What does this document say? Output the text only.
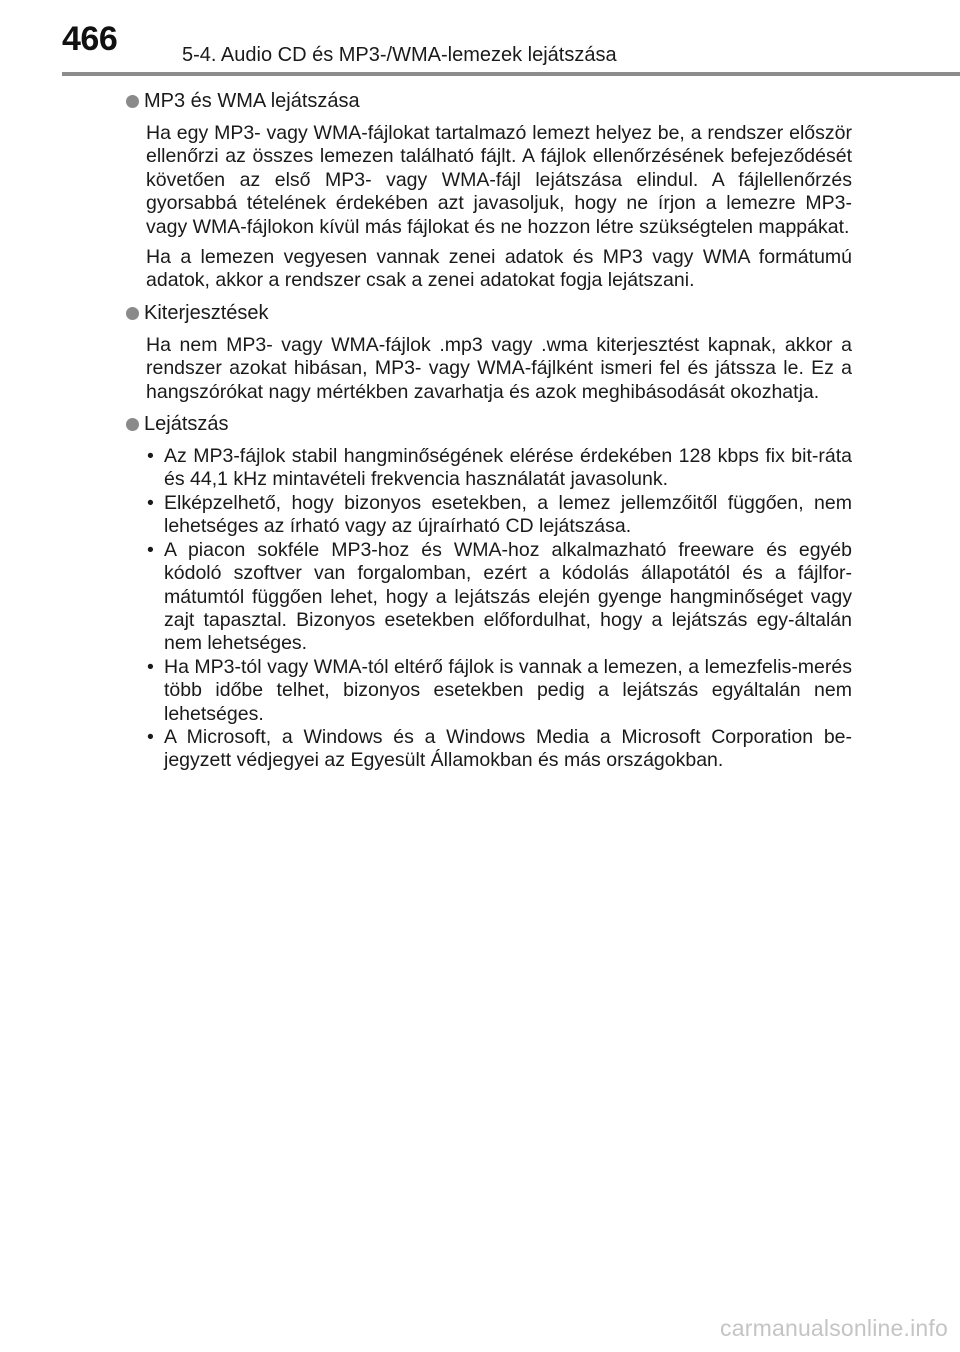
466	5-4. Audio CD és MP3-/WMA-lemezek lejátszása
MP3 és WMA lejátszása

Ha egy MP3- vagy WMA-fájlokat tartalmazó lemezt helyez be, a rendszer először ellenőrzi az összes lemezen található fájlt. A fájlok ellenőrzésének befejeződését követően az első MP3- vagy WMA-fájl lejátszása elindul. A fájlellenőrzés gyorsabbá tételének érdekében azt javasoljuk, hogy ne írjon a lemezre MP3- vagy WMA-fájlokon kívül más fájlokat és ne hozzon létre szükségtelen mappákat.

Ha a lemezen vegyesen vannak zenei adatok és MP3 vagy WMA formátumú adatok, akkor a rendszer csak a zenei adatokat fogja lejátszani.

Kiterjesztések

Ha nem MP3- vagy WMA-fájlok .mp3 vagy .wma kiterjesztést kapnak, akkor a rendszer azokat hibásan, MP3- vagy WMA-fájlként ismeri fel és játssza le. Ez a hangszórókat nagy mértékben zavarhatja és azok meghibásodását okozhatja.

Lejátszás
• Az MP3-fájlok stabil hangminőségének elérése érdekében 128 kbps fix bit-ráta és 44,1 kHz mintavételi frekvencia használatát javasolunk.
• Elképzelhető, hogy bizonyos esetekben, a lemez jellemzőitől függően, nem lehetséges az írható vagy az újraírható CD lejátszása.
• A piacon sokféle MP3-hoz és WMA-hoz alkalmazható freeware és egyéb kódoló szoftver van forgalomban, ezért a kódolás állapotától és a fájlfor-mátumtól függően lehet, hogy a lejátszás elején gyenge hangminőséget vagy zajt tapasztal. Bizonyos esetekben előfordulhat, hogy a lejátszás egy-általán nem lehetséges.
• Ha MP3-tól vagy WMA-tól eltérő fájlok is vannak a lemezen, a lemezfelis-merés több időbe telhet, bizonyos esetekben pedig a lejátszás egyáltalán nem lehetséges.
• A Microsoft, a Windows és a Windows Media a Microsoft Corporation be-jegyzett védjegyei az Egyesült Államokban és más országokban.
carmanualsonline.info
